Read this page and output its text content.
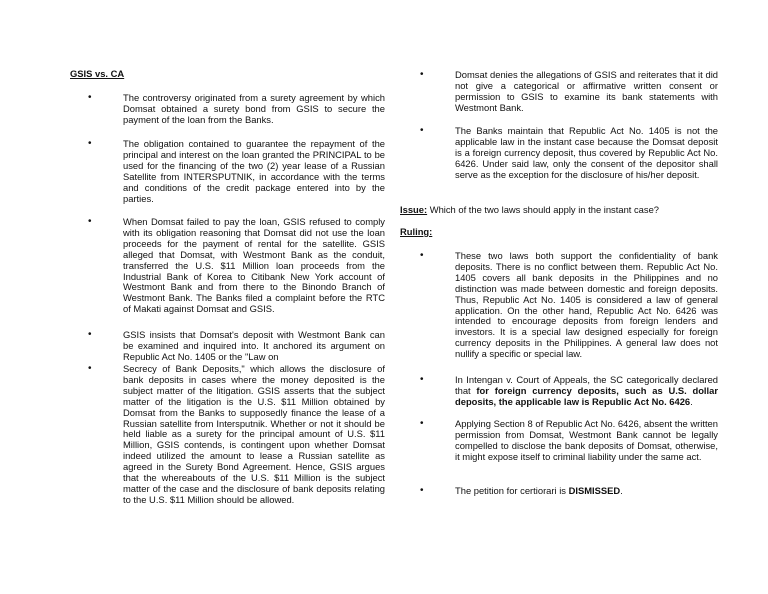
GSIS vs. CA
•	The controversy originated from a surety agreement by which Domsat obtained a surety bond from GSIS to secure the payment of the loan from the Banks.

•	The obligation contained to guarantee the repayment of the principal and interest on the loan granted the PRINCIPAL to be used for the financing of the two (2) year lease of a Russian Satellite from INTERSPUTNIK, in accordance with the terms and conditions of the credit package entered into by the parties.

•	When Domsat failed to pay the loan, GSIS refused to comply with its obligation reasoning that Domsat did not use the loan proceeds for the payment of rental for the satellite. GSIS alleged that Domsat, with Westmont Bank as the conduit, transferred the U.S. $11 Million loan proceeds from the Industrial Bank of Korea to Citibank New York account of Westmont Bank and from there to the Binondo Branch of Westmont Bank. The Banks filed a complaint before the RTC of Makati against Domsat and GSIS.

•	GSIS insists that Domsat's deposit with Westmont Bank can be examined and inquired into. It anchored its argument on Republic Act No. 1405 or the "Law on

•	Secrecy of Bank Deposits," which allows the disclosure of bank deposits in cases where the money deposited is the subject matter of the litigation. GSIS asserts that the subject matter of the litigation is the U.S. $11 Million obtained by Domsat from the Banks to supposedly finance the lease of a Russian satellite from Intersputnik. Whether or not it should be held liable as a surety for the principal amount of U.S. $11 Million, GSIS contends, is contingent upon whether Domsat indeed utilized the amount to lease a Russian satellite as agreed in the Surety Bond Agreement. Hence, GSIS argues that the whereabouts of the U.S. $11 Million is the subject matter of the case and the disclosure of bank deposits relating to the U.S. $11 Million should be allowed.

•	Domsat denies the allegations of GSIS and reiterates that it did not give a categorical or affirmative written consent or permission to GSIS to examine its bank statements with Westmont Bank.

•	The Banks maintain that Republic Act No. 1405 is not the applicable law in the instant case because the Domsat deposit is a foreign currency deposit, thus covered by Republic Act No. 6426. Under said law, only the consent of the depositor shall serve as the exception for the disclosure of his/her deposit.

Issue: Which of the two laws should apply in the instant case?
Ruling:
•	These two laws both support the confidentiality of bank deposits. There is no conflict between them. Republic Act No. 1405 covers all bank deposits in the Philippines and no distinction was made between domestic and foreign deposits. Thus, Republic Act No. 1405 is considered a law of general application. On the other hand, Republic Act No. 6426 was intended to encourage deposits from foreign lenders and investors. It is a special law designed especially for foreign currency deposits in the Philippines. A general law does not nullify a specific or special law.

•	In Intengan v. Court of Appeals, the SC categorically declared that for foreign currency deposits, such as U.S. dollar deposits, the applicable law is Republic Act No. 6426.

•	Applying Section 8 of Republic Act No. 6426, absent the written permission from Domsat, Westmont Bank cannot be legally compelled to disclose the bank deposits of Domsat, otherwise, it might expose itself to criminal liability under the same act.

•	The petition for certiorari is DISMISSED.
